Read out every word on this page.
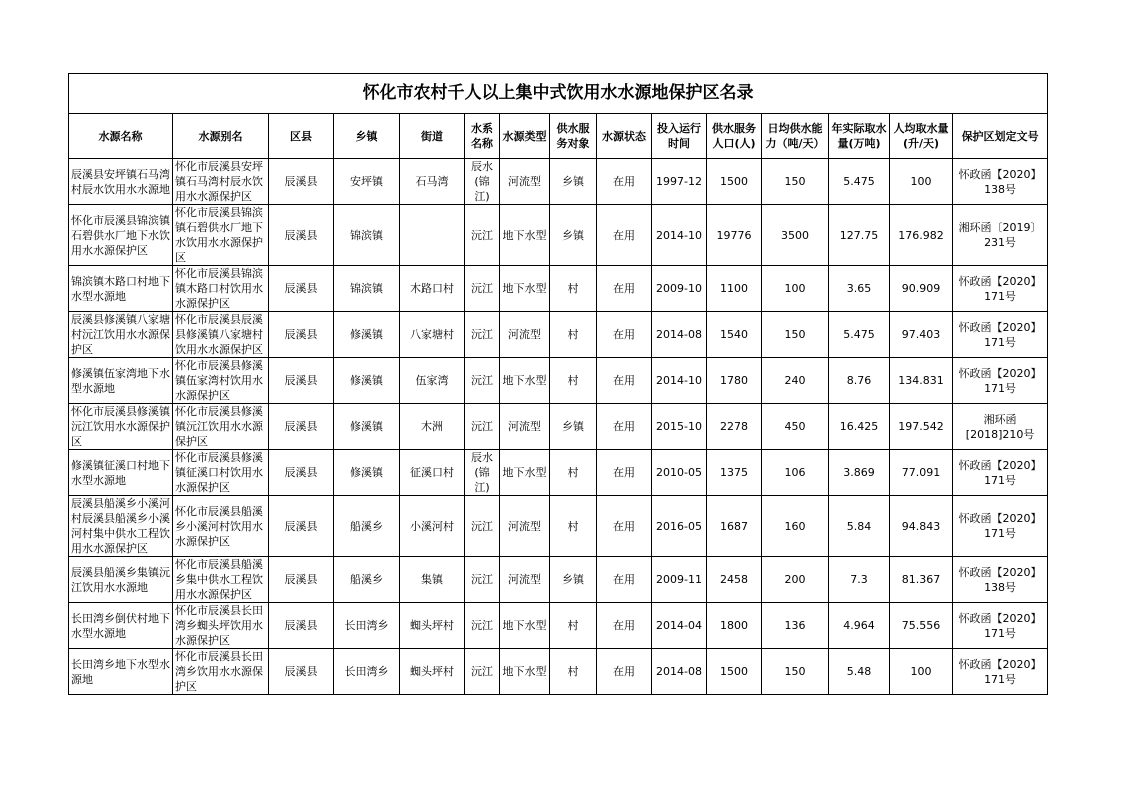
怀化市农村千人以上集中式饮用水水源地保护区名录														
水源名称	水源别名	区县	乡镇	街道	水系名称	水源类型	供水服务对象	水源状态	投入运行时间	供水服务人口(人)	日均供水能力（吨/天）	年实际取水量(万吨)	人均取水量(升/天)	保护区划定文号
辰溪县安坪镇石马湾村辰水饮用水水源地	怀化市辰溪县安坪镇石马湾村辰水饮用水水源保护区	辰溪县	安坪镇	石马湾	辰水(锦江)	河流型	乡镇	在用	1997-12	1500	150	5.475	100	怀政函【2020】138号
怀化市辰溪县锦滨镇石碧供水厂地下水饮用水水源保护区	怀化市辰溪县锦滨镇石碧供水厂地下水饮用水水源保护区	辰溪县	锦滨镇		沅江	地下水型	乡镇	在用	2014-10	19776	3500	127.75	176.982	湘环函〔2019〕231号
锦滨镇木路口村地下水型水源地	怀化市辰溪县锦滨镇木路口村饮用水水源保护区	辰溪县	锦滨镇	木路口村	沅江	地下水型	村	在用	2009-10	1100	100	3.65	90.909	怀政函【2020】171号
辰溪县修溪镇八家塘村沅江饮用水水源保护区	怀化市辰溪县辰溪县修溪镇八家塘村饮用水水源保护区	辰溪县	修溪镇	八家塘村	沅江	河流型	村	在用	2014-08	1540	150	5.475	97.403	怀政函【2020】171号
修溪镇伍家湾地下水型水源地	怀化市辰溪县修溪镇伍家湾村饮用水水源保护区	辰溪县	修溪镇	伍家湾	沅江	地下水型	村	在用	2014-10	1780	240	8.76	134.831	怀政函【2020】171号
怀化市辰溪县修溪镇沅江饮用水水源保护区	怀化市辰溪县修溪镇沅江饮用水水源保护区	辰溪县	修溪镇	木洲	沅江	河流型	乡镇	在用	2015-10	2278	450	16.425	197.542	湘环函[2018]210号
修溪镇征溪口村地下水型水源地	怀化市辰溪县修溪镇征溪口村饮用水水源保护区	辰溪县	修溪镇	征溪口村	辰水(锦江)	地下水型	村	在用	2010-05	1375	106	3.869	77.091	怀政函【2020】171号
辰溪县船溪乡小溪河村辰溪县船溪乡小溪河村集中供水工程饮用水水源保护区	怀化市辰溪县船溪乡小溪河村饮用水水源保护区	辰溪县	船溪乡	小溪河村	沅江	河流型	村	在用	2016-05	1687	160	5.84	94.843	怀政函【2020】171号
辰溪县船溪乡集镇沅江饮用水水源地	怀化市辰溪县船溪乡集中供水工程饮用水水源保护区	辰溪县	船溪乡	集镇	沅江	河流型	乡镇	在用	2009-11	2458	200	7.3	81.367	怀政函【2020】138号
长田湾乡倒伏村地下水型水源地	怀化市辰溪县长田湾乡蜘头坪饮用水水源保护区	辰溪县	长田湾乡	蜘头坪村	沅江	地下水型	村	在用	2014-04	1800	136	4.964	75.556	怀政函【2020】171号
长田湾乡地下水型水源地	怀化市辰溪县长田湾乡饮用水水源保护区	辰溪县	长田湾乡	蜘头坪村	沅江	地下水型	村	在用	2014-08	1500	150	5.48	100	怀政函【2020】171号
